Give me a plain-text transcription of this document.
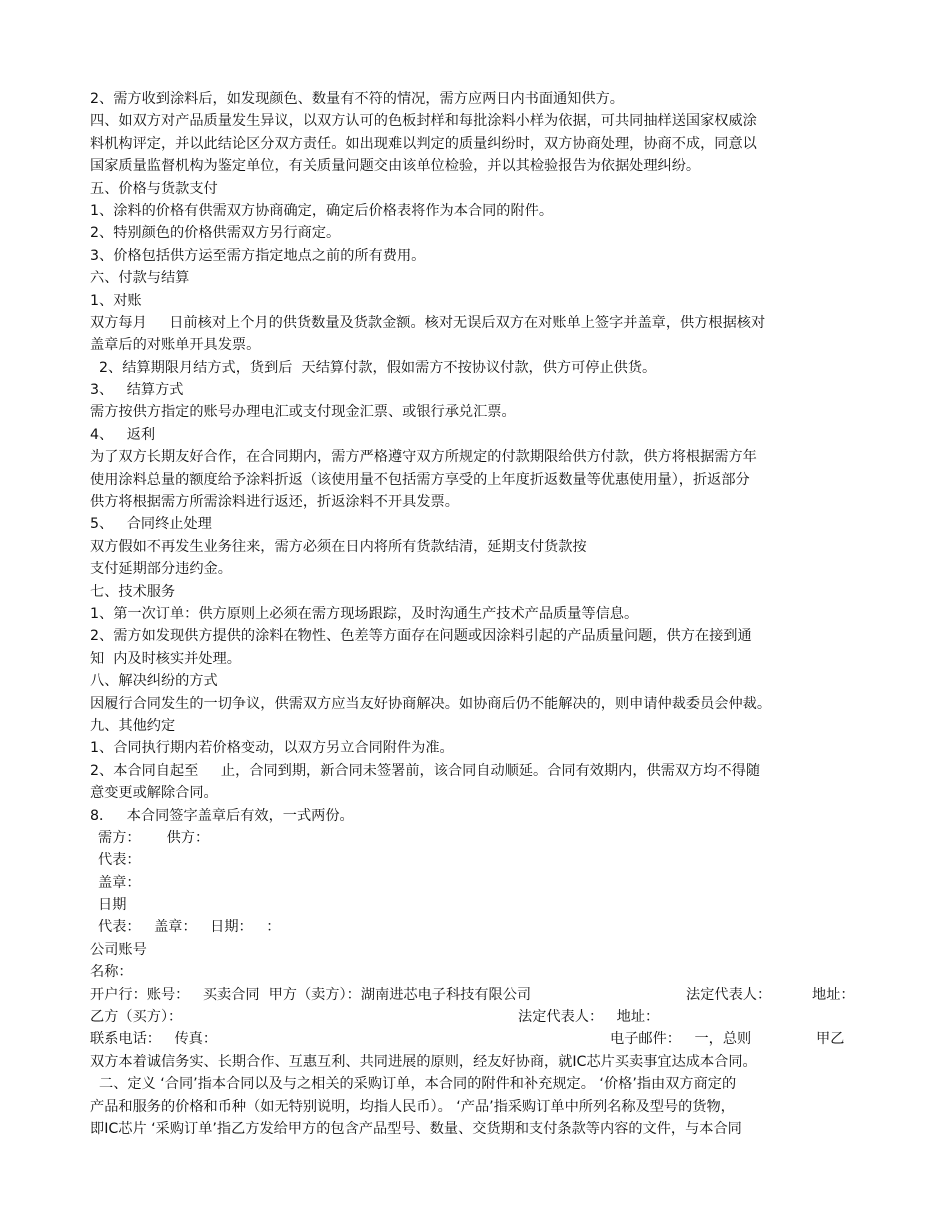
2、需方收到涂料后，如发现颜色、数量有不符的情况，需方应两日内书面通知供方。
四、如双方对产品质量发生异议，以双方认可的色板封样和每批涂料小样为依据，可共同抽样送国家权威涂
料机构评定，并以此结论区分双方责任。如出现难以判定的质量纠纷时，双方协商处理，协商不成，同意以
国家质量监督机构为鉴定单位，有关质量问题交由该单位检验，并以其检验报告为依据处理纠纷。
五、价格与货款支付
1、涂料的价格有供需双方协商确定，确定后价格表将作为本合同的附件。
2、特别颜色的价格供需双方另行商定。
3、价格包括供方运至需方指定地点之前的所有费用。
六、付款与结算
1、对账
双方每月     日前核对上个月的供货数量及货款金额。核对无误后双方在对账单上签字并盖章，供方根据核对
盖章后的对账单开具发票。
2、结算期限月结方式，货到后  天结算付款，假如需方不按协议付款，供方可停止供货。
3、   结算方式
需方按供方指定的账号办理电汇或支付现金汇票、或银行承兑汇票。
4、   返利
为了双方长期友好合作，在合同期内，需方严格遵守双方所规定的付款期限给供方付款，供方将根据需方年
使用涂料总量的额度给予涂料折返（该使用量不包括需方享受的上年度折返数量等优惠使用量），折返部分
供方将根据需方所需涂料进行返还，折返涂料不开具发票。
5、   合同终止处理
双方假如不再发生业务往来，需方必须在日内将所有货款结清，延期支付货款按
支付延期部分违约金。
七、技术服务
1、第一次订单：供方原则上必须在需方现场跟踪，及时沟通生产技术产品质量等信息。
2、需方如发现供方提供的涂料在物性、色差等方面存在问题或因涂料引起的产品质量问题，供方在接到通
知  内及时核实并处理。
八、解决纠纷的方式
因履行合同发生的一切争议，供需双方应当友好协商解决。如协商后仍不能解决的，则申请仲裁委员会仲裁。
九、其他约定
1、合同执行期内若价格变动，以双方另立合同附件为准。
2、本合同自起至     止，合同到期，新合同未签署前，该合同自动顺延。合同有效期内，供需双方均不得随
意变更或解除合同。
8．   本合同签字盖章后有效，一式两份。
需方： 供方：
代表：
盖章：
日期
代表：   盖章：   日期：   ：
公司账号
名称：
开户行：账号：   买卖合同  甲方（卖方）：湖南进芯电子科技有限公司	法定代表人：	地址：
乙方（买方）：	法定代表人：   地址：
联系电话：   传真：	电子邮件：   一，总则	甲乙
双方本着诚信务实、长期合作、互惠互利、共同进展的原则，经友好协商，就IC芯片买卖事宜达成本合同。
二、定义 ‘合同’指本合同以及与之相关的采购订单，本合同的附件和补充规定。 ‘价格’指由双方商定的
产品和服务的价格和币种（如无特别说明，均指人民币）。 ‘产品’指采购订单中所列名称及型号的货物，
即IC芯片 ‘采购订单’指乙方发给甲方的包含产品型号、数量、交货期和支付条款等内容的文件，与本合同
